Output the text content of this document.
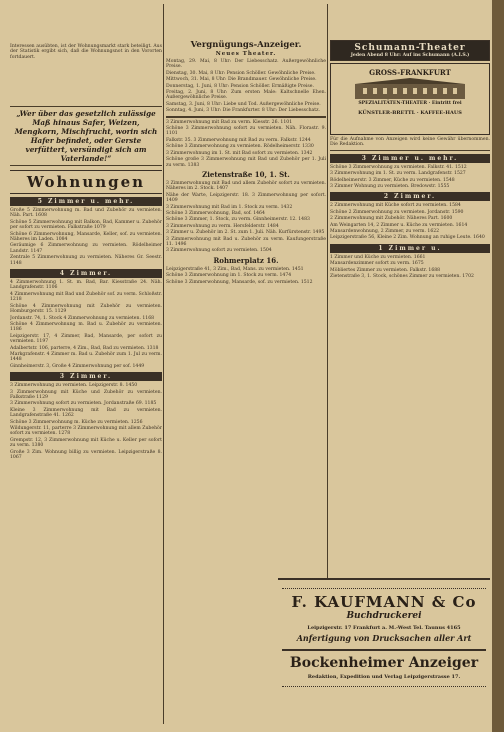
Interessen ausübten, ist der Wohnungsmarkt stark beteiligt. Aus der Statistik ergibt sich, daß die Wohnungsnot in den Vororten fortdauert.

„Wer über das gesetzlich zulässige Maß hinaus Safer, Weizen, Mengkorn, Mischfrucht, worin sich Hafer befindet, oder Gerste verfüttert, versündigt sich am Vaterlande!“

Wohnungen
5 Zimmer u. mehr.

Große 5 Zimmerwohnung m. Bad und Zubehör zu vermieten. Näh. Part. 1608

Schöne 5 Zimmerwohnung mit Balkon, Bad, Kammer u. Zubehör per sofort zu vermieten. Falkstraße 1079

Schöne 6 Zimmerwohnung, Mansarde, Keller, sof. zu vermieten. Näheres im Laden. 1084

Geräumige 6 Zimmerwohnung zu vermieten. Rödelheimer Landstr. 1147

Zentrale 5 Zimmerwohnung zu vermieten. Näheres Gr. Seestr. 1148

4 Zimmer.

4 Zimmerwohnung 1. St. m. Bad, Bar. Kiesstraße 24. Näh. Landgrafenstr. 1106

4 Zimmerwohnung mit Bad und Zubehör sof. zu verm. Schloßstr. 1218

Schöne 4 Zimmerwohnung mit Zubehör zu vermieten. Homburgerstr. 15. 1129

Jordanstr. 74, 1. Stock 4 Zimmerwohnung zu vermieten. 1168

Schöne 4 Zimmerwohnung m. Bad u. Zubehör zu vermieten. 1186

Leipzigerstr. 17, 4 Zimmer, Bad, Mansarde, per sofort zu vermieten. 1197

Adalbertstr. 106, parterre, 4 Zim., Bad, Bad zu vermieten. 1318

Markgrafenstr. 4 Zimmer m. Bad u. Zubehör zum 1. Jul zu verm. 1448

Ginnheimerstr. 3, Große 4 Zimmerwohnung per sof. 1449

3 Zimmer.

3 Zimmerwohnung zu vermieten. Leipzigerstr. 8. 1450

3 Zimmerwohnung mit Küche und Zubehör zu vermieten. Falkstraße 1129

3 Zimmerwohnung sofort zu vermieten. Jordanstraße 69. 1185

Kleine 3 Zimmerwohnung mit Bad zu vermieten. Landgrafenstraße 41. 1262

Schöne 3 Zimmerwohnung m. Küche zu vermieten. 1256

Wildungerstr. 11, parterre 3 Zimmerwohnung mit allem Zubehör sofort zu vermieten. 1278

Grempstr. 12, 3 Zimmerwohnung mit Küche u. Keller per sofort zu verm. 1380

Große 3 Zim. Wohnung billig zu vermieten. Leipzigerstraße 8. 1067

Vergnügungs-Anzeiger.
Neues Theater.

Montag, 29. Mai, 8 Uhr: Der Liebesschatz. Außergewöhnliche Preise.

Dienstag, 30. Mai, 8 Uhr: Pension Schöller. Gewöhnliche Preise.

Mittwoch, 31. Mai, 8 Uhr: Die Brandmauer. Gewöhnliche Preise.

Donnerstag, 1. Juni, 8 Uhr: Pension Schöller. Ermäßigte Preise.

Freitag, 2. Juni, 8 Uhr: Zum ersten Male: Kaltschnelle Ehen. Außergewöhnliche Preise.

Samstag, 3. Juni, 8 Uhr: Liebe und Tod. Außergewöhnliche Preise.

Sonntag, 4. Juni, 3 Uhr: Die Frankfurter. 8 Uhr: Der Liebesschatz.

3 Zimmerwohnung mit Bad zu verm. Kiesstr. 26. 1101

Schöne 3 Zimmerwohnung sofort zu vermieten. Näh. Florastr. 9. 1101

Falkstr. 35. 3 Zimmerwohnung mit Bad zu verm. Falkstr. 1244

Schöne 3 Zimmerwohnung zu vermieten. Rödelheimerstr. 1330

3 Zimmerwohnung im 1. St. mit Bad sofort zu vermieten. 1342

Schöne große 3 Zimmerwohnung mit Bad und Zubehör per 1. Juli zu verm. 1383

Zietenstraße 10, 1. St.

3 Zimmerwohnung mit Bad und allem Zubehör sofort zu vermieten. Näheres im 2. Stock. 1407

Nähe der Warte, Leipzigerstr. 18. 3 Zimmerwohnung per sofort. 1409

3 Zimmerwohnung mit Bad im 1. Stock zu verm. 1432

Schöne 3 Zimmerwohnung, Bad, sof. 1464

Schöne 3 Zimmer, 1. Stock, zu verm. Ginnheimerstr. 12. 1483

3 Zimmerwohnung zu verm. Hersfelderstr. 1484

3 Zimmer u. Zubehör im 2. St. zum 1. Juli. Näh. Kurfürstenstr. 1495

3 Zimmerwohnung mit Bad u. Zubehör zu verm. Kaufungerstraße 11. 1496

3 Zimmerwohnung sofort zu vermieten. 1504

Rohmerplatz 16.

Leipzigerstraße 41, 3 Zim., Bad, Mans. zu vermieten. 1451

Schöne 3 Zimmerwohnung im 1. Stock zu verm. 1474

Schöne 3 Zimmerwohnung, Mansarde, sof. zu vermieten. 1512

Schumann-Theater
Jeden Abend 8 Uhr: Auf ins Schumann (A.I.S.)
GROSS-FRANKFURT
SPEZIALITÄTEN-THEATER · Eintritt frei
KÜNSTLER-BRETTL · KAFFEE-HAUS

Für die Aufnahme von Anzeigen wird keine Gewähr übernommen. Die Redaktion.

3 Zimmer u. mehr.

Schöne 3 Zimmerwohnung zu vermieten. Falkstr. 41. 1512

3 Zimmerwohnung im 1. St. zu verm. Landgrafenstr. 1527

Rödelheimerstr. 3 Zimmer, Küche zu vermieten. 1548

3 Zimmer Wohnung zu vermieten. Bredowstr. 1555

2 Zimmer.

2 Zimmerwohnung mit Küche sofort zu vermieten. 1584

Schöne 2 Zimmerwohnung zu vermieten. Jordanstr. 1590

2 Zimmerwohnung mit Zubehör. Näheres Part. 1600

Am Weingarten 14, 2 Zimmer u. Küche zu vermieten. 1614

Mansardenwohnung, 2 Zimmer, zu verm. 1622

Leipzigerstraße 56, Kleine 2 Zim. Wohnung an ruhige Leute. 1640

1 Zimmer u.

1 Zimmer und Küche zu vermieten. 1661

Mansardenzimmer sofort zu verm. 1675

Möbliertes Zimmer zu vermieten. Falkstr. 1688

Zietenstraße 3, 1. Stock, schönes Zimmer zu vermieten. 1702

F. KAUFMANN & Co
Buchdruckerei
Leipzigerstr. 17 Frankfurt a. M.-West Tel. Taunus 4165
Anfertigung von Drucksachen aller Art
Bockenheimer Anzeiger
Redaktion, Expedition und Verlag Leipzigerstrasse 17.
